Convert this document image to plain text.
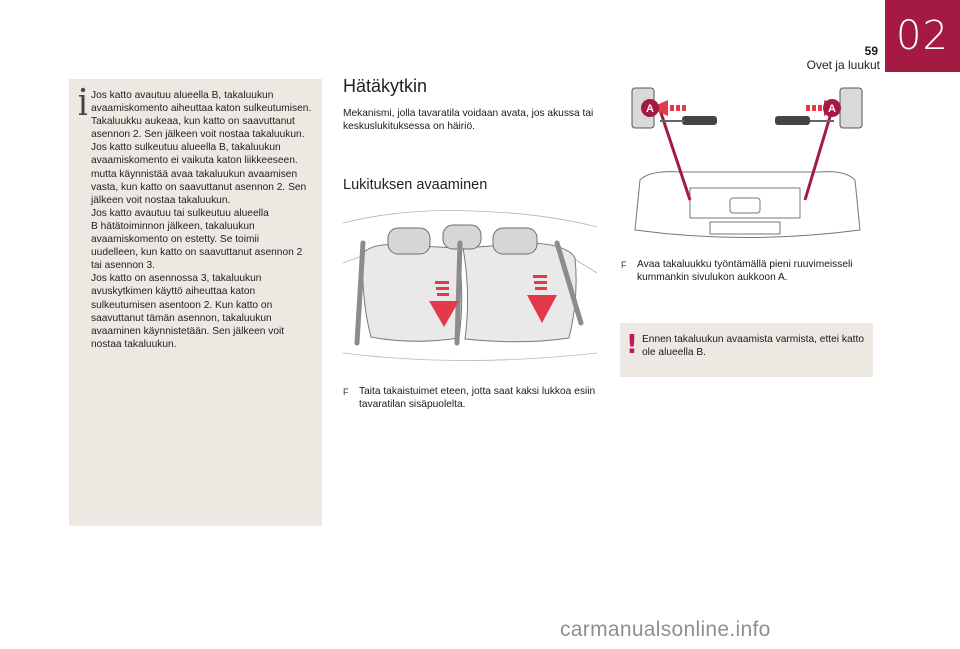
02
59
Ovet ja luukut
Jos katto avautuu alueella B, takaluukun
avaamiskomento aiheuttaa katon sulkeutumisen.
Takaluukku aukeaa, kun katto on saavuttanut
asennon 2. Sen jälkeen voit nostaa takaluukun.
Jos katto sulkeutuu alueella B, takaluukun
avaamiskomento ei vaikuta katon liikkeeseen.
mutta käynnistää avaa takaluukun avaamisen
vasta, kun katto on saavuttanut asennon 2. Sen
jälkeen voit nostaa takaluukun.
Jos katto avautuu tai sulkeutuu alueella
B hätätoiminnon jälkeen, takaluukun
avaamiskomento on estetty. Se toimii
uudelleen, kun katto on saavuttanut asennon 2
tai asennon 3.
Jos katto on asennossa 3, takaluukun
avuskytkimen käyttö aiheuttaa katon
sulkeutumisen asentoon 2. Kun katto on
saavuttanut tämän asennon, takaluukun
avaaminen käynnistetään. Sen jälkeen voit
nostaa takaluukun.
Hätäkytkin
Mekanismi, jolla tavaratila voidaan avata, jos akussa tai
keskuslukituksessa on häiriö.
Lukituksen avaaminen
F Taita takaistuimet eteen, jotta saat kaksi lukkoa esiin
tavaratilan sisäpuolelta.
A	A
F Avaa takaluukku työntämällä pieni ruuvimeisseli
kummankin sivulukon aukkoon A.
! Ennen takaluukun avaamista varmista, ettei katto
ole alueella B.
carmanualsonline.info
